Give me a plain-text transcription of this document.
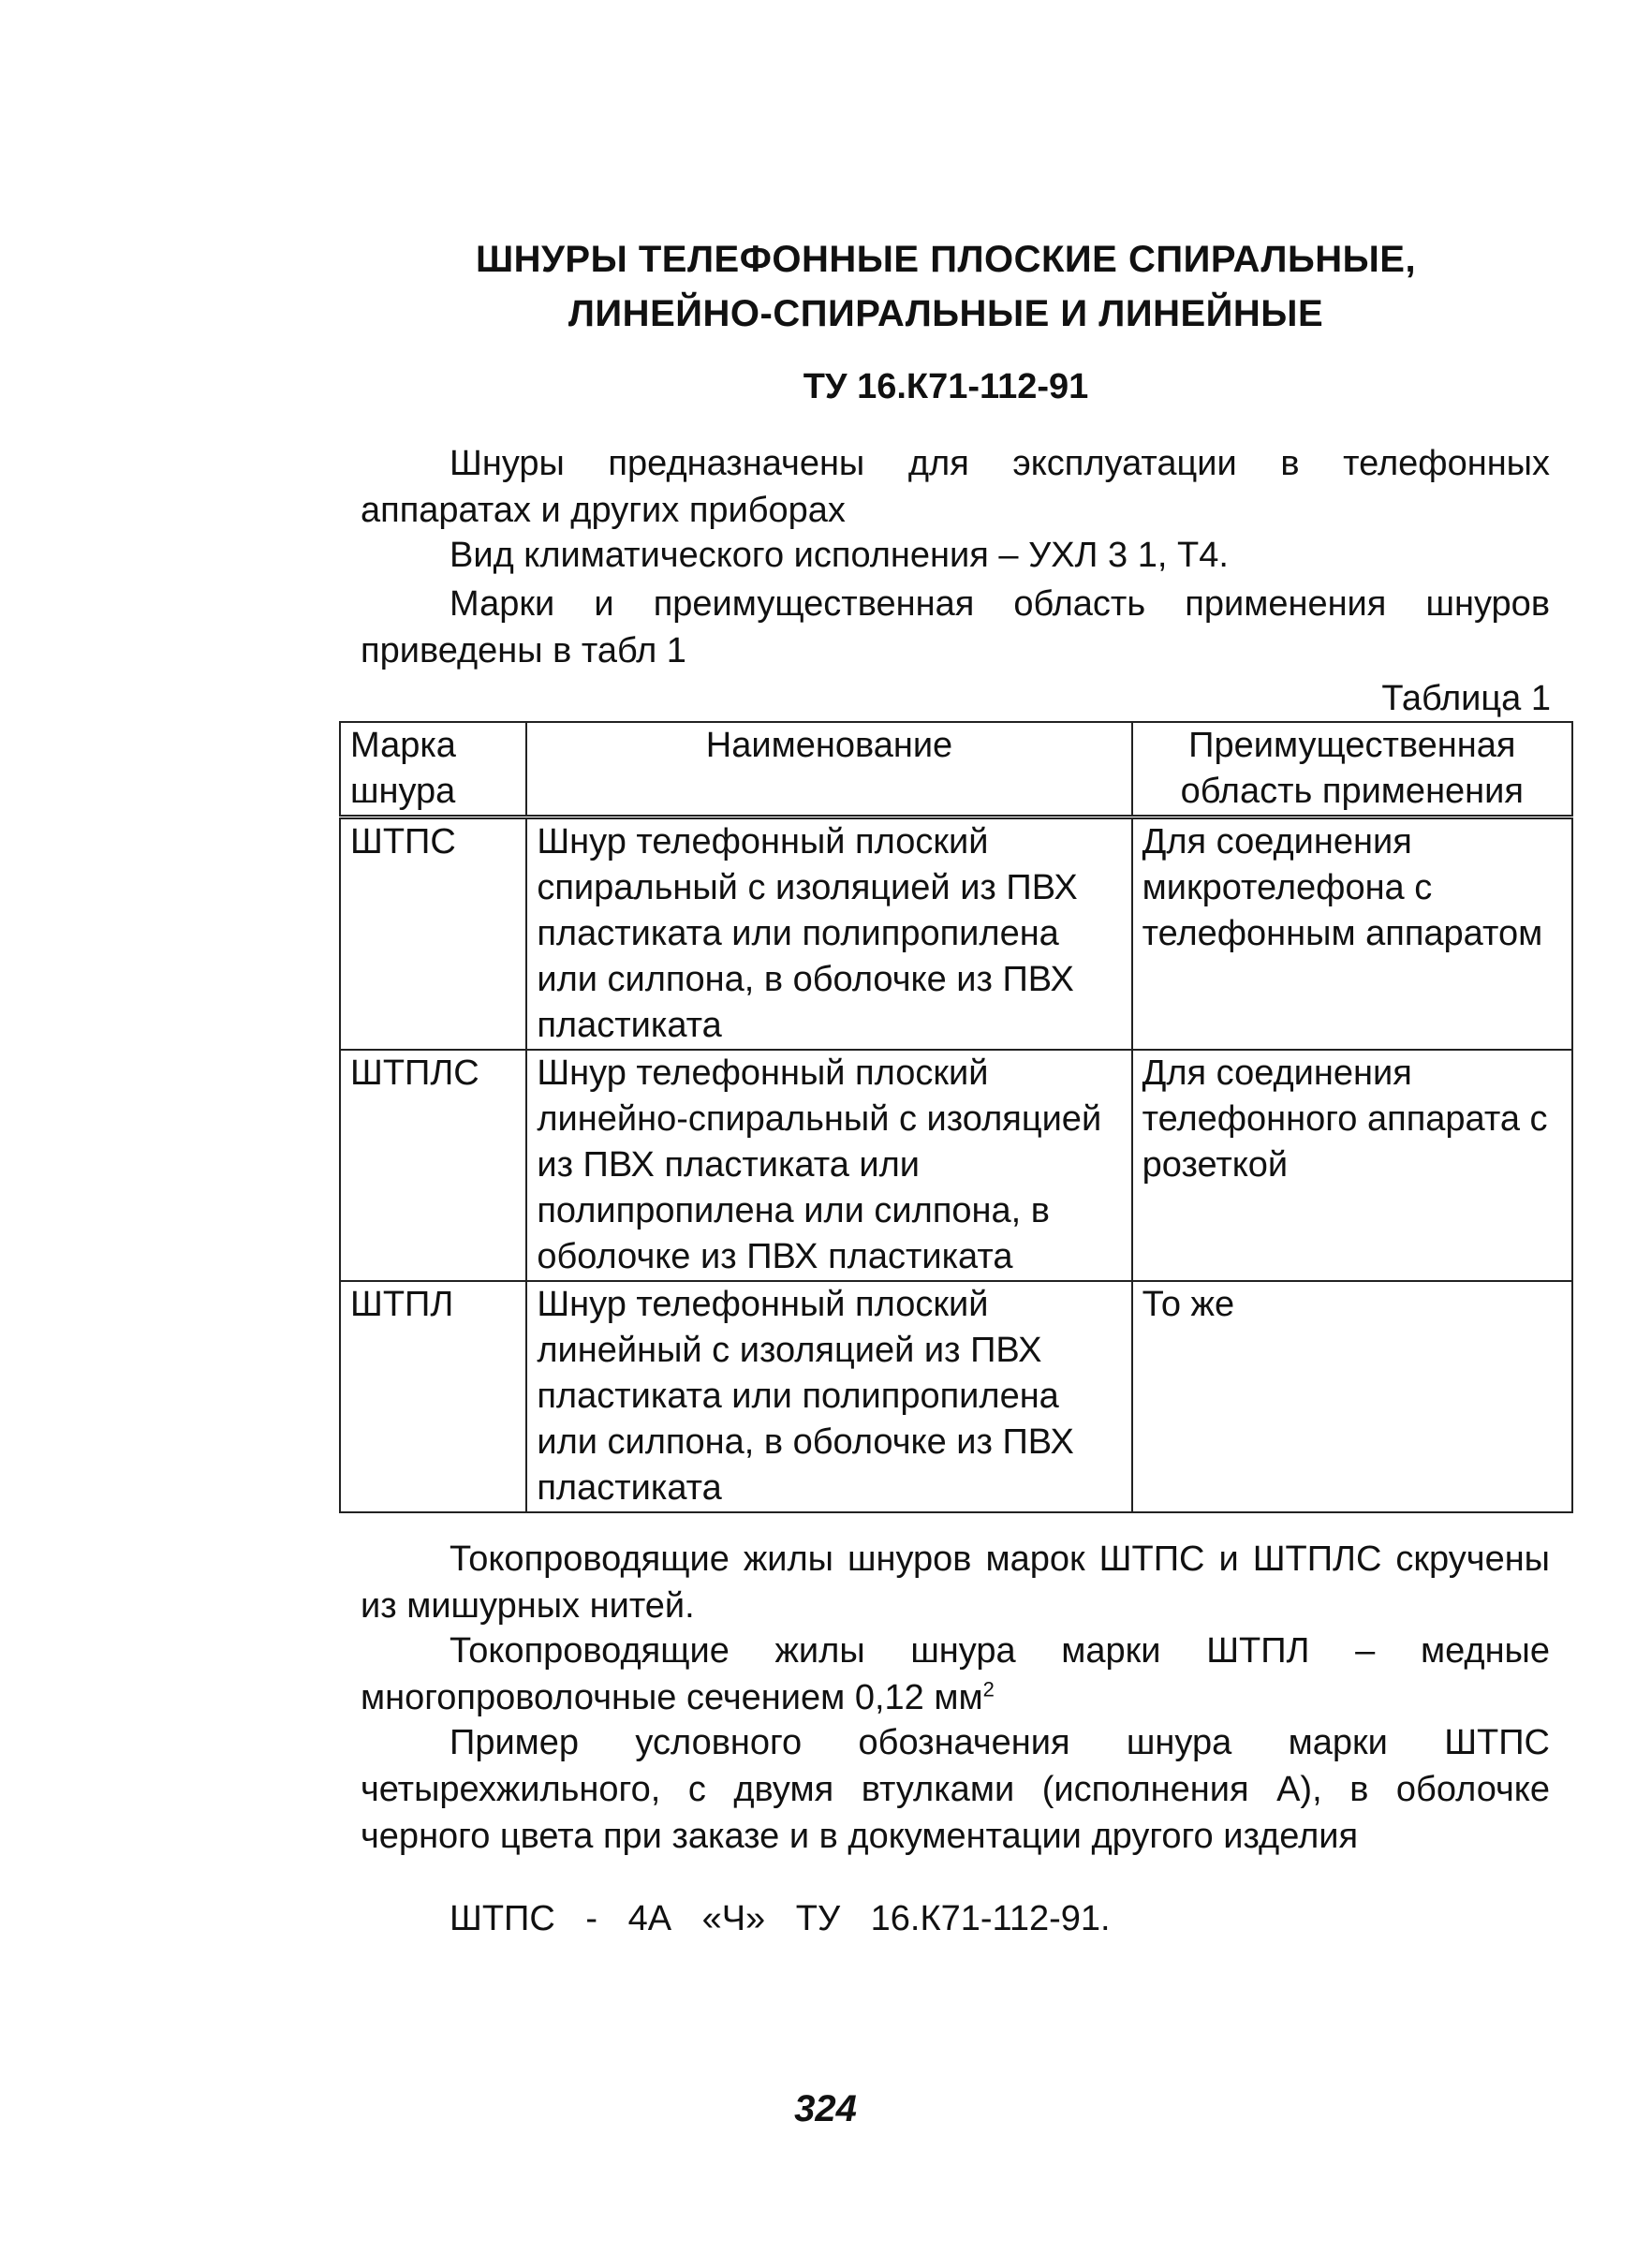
ШНУРЫ ТЕЛЕФОННЫЕ ПЛОСКИЕ СПИРАЛЬНЫЕ,
ЛИНЕЙНО-СПИРАЛЬНЫЕ И ЛИНЕЙНЫЕ
ТУ 16.К71-112-91
Шнуры предназначены для эксплуатации в телефонных аппаратах и других приборах
Вид климатического исполнения – УХЛ 3 1, Т4.
Марки и преимущественная область применения шнуров приведены в табл 1
Таблица 1
Марка шнура	Наименование	Преимущественная область применения
ШТПС	Шнур телефонный плоский спиральный с изоляцией из ПВХ пластиката или полипропилена или силпона, в оболочке из ПВХ пластиката	Для соединения микротелефона с телефонным аппаратом
ШТПЛС	Шнур телефонный плоский линейно-спиральный с изоляцией из ПВХ пластиката или полипропилена или силпона, в оболочке из ПВХ пластиката	Для соединения телефонного аппарата с розеткой
ШТПЛ	Шнур телефонный плоский линейный с изоляцией из ПВХ пластиката или полипропилена или силпона, в оболочке из ПВХ пластиката	То же
Токопроводящие жилы шнуров марок ШТПС и ШТПЛС скручены из мишурных нитей.
Токопроводящие жилы шнура марки ШТПЛ – медные многопроволочные сечением 0,12 $мм^2$
Пример условного обозначения шнура марки ШТПС четырехжильного, с двумя втулками (исполнения А), в оболочке черного цвета при заказе и в документации другого изделия
ШТПС - 4А «Ч» ТУ 16.К71-112-91.
324
